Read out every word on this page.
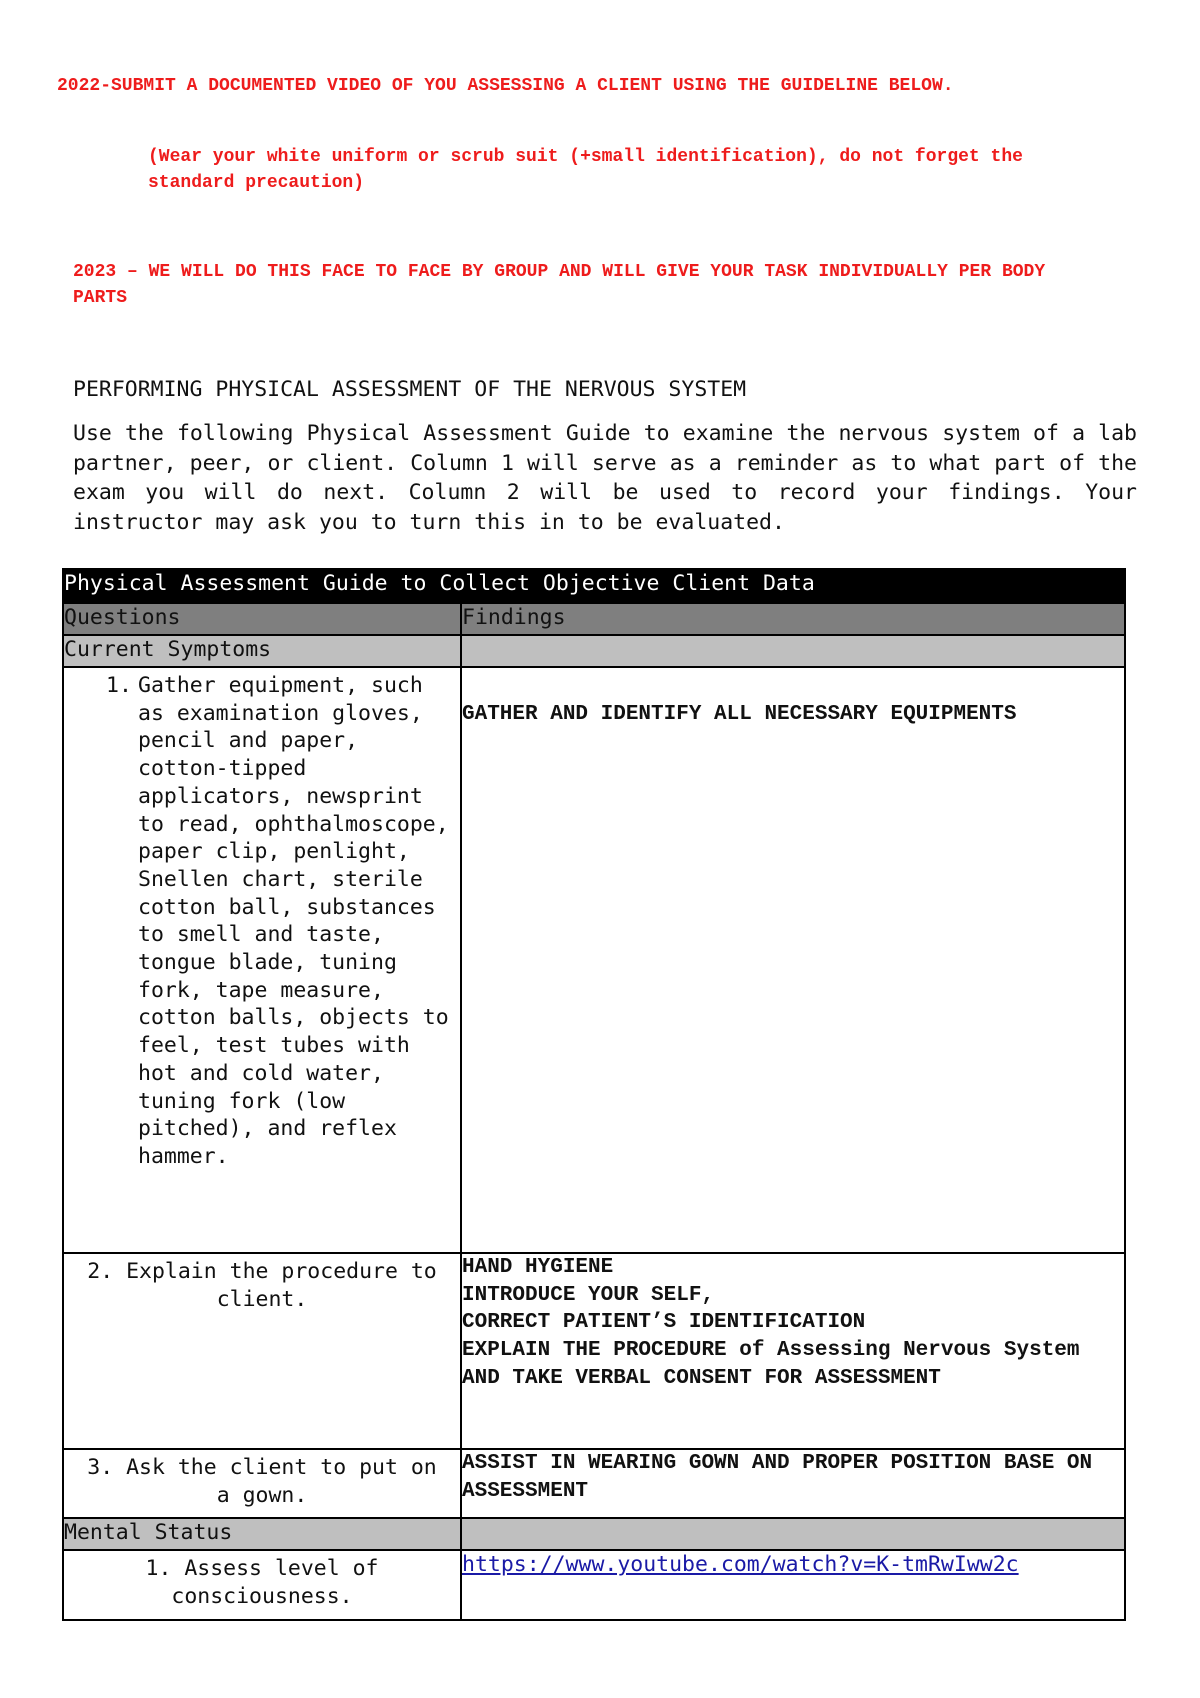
2022-SUBMIT A DOCUMENTED VIDEO OF YOU ASSESSING A CLIENT USING THE GUIDELINE BELOW.

(Wear your white uniform or scrub suit (+small identification), do not forget the standard precaution)

2023 – WE WILL DO THIS FACE TO FACE BY GROUP AND WILL GIVE YOUR TASK INDIVIDUALLY PER BODY PARTS

PERFORMING PHYSICAL ASSESSMENT OF THE NERVOUS SYSTEM

Use the following Physical Assessment Guide to examine the nervous system of a lab partner, peer, or client. Column 1 will serve as a reminder as to what part of the exam you will do next. Column 2 will be used to record your findings. Your instructor may ask you to turn this in to be evaluated.

Physical Assessment Guide to Collect Objective Client Data	
Questions	Findings
Current Symptoms	

1. Gather equipment, such as examination gloves, pencil and paper, cotton-tipped applicators, newsprint to read, ophthalmoscope, paper clip, penlight, Snellen chart, sterile cotton ball, substances to smell and taste, tongue blade, tuning fork, tape measure, cotton balls, objects to feel, test tubes with hot and cold water, tuning fork (low pitched), and reflex hammer.	GATHER AND IDENTIFY ALL NECESSARY EQUIPMENTS

2. Explain the procedure to client.	HAND HYGIENE
INTRODUCE YOUR SELF,
CORRECT PATIENT’S IDENTIFICATION
EXPLAIN THE PROCEDURE of Assessing Nervous System
AND TAKE VERBAL CONSENT FOR ASSESSMENT

3. Ask the client to put on a gown.	ASSIST IN WEARING GOWN AND PROPER POSITION BASE ON ASSESSMENT

Mental Status	

1. Assess level of consciousness.	https://www.youtube.com/watch?v=K-tmRwIww2c
